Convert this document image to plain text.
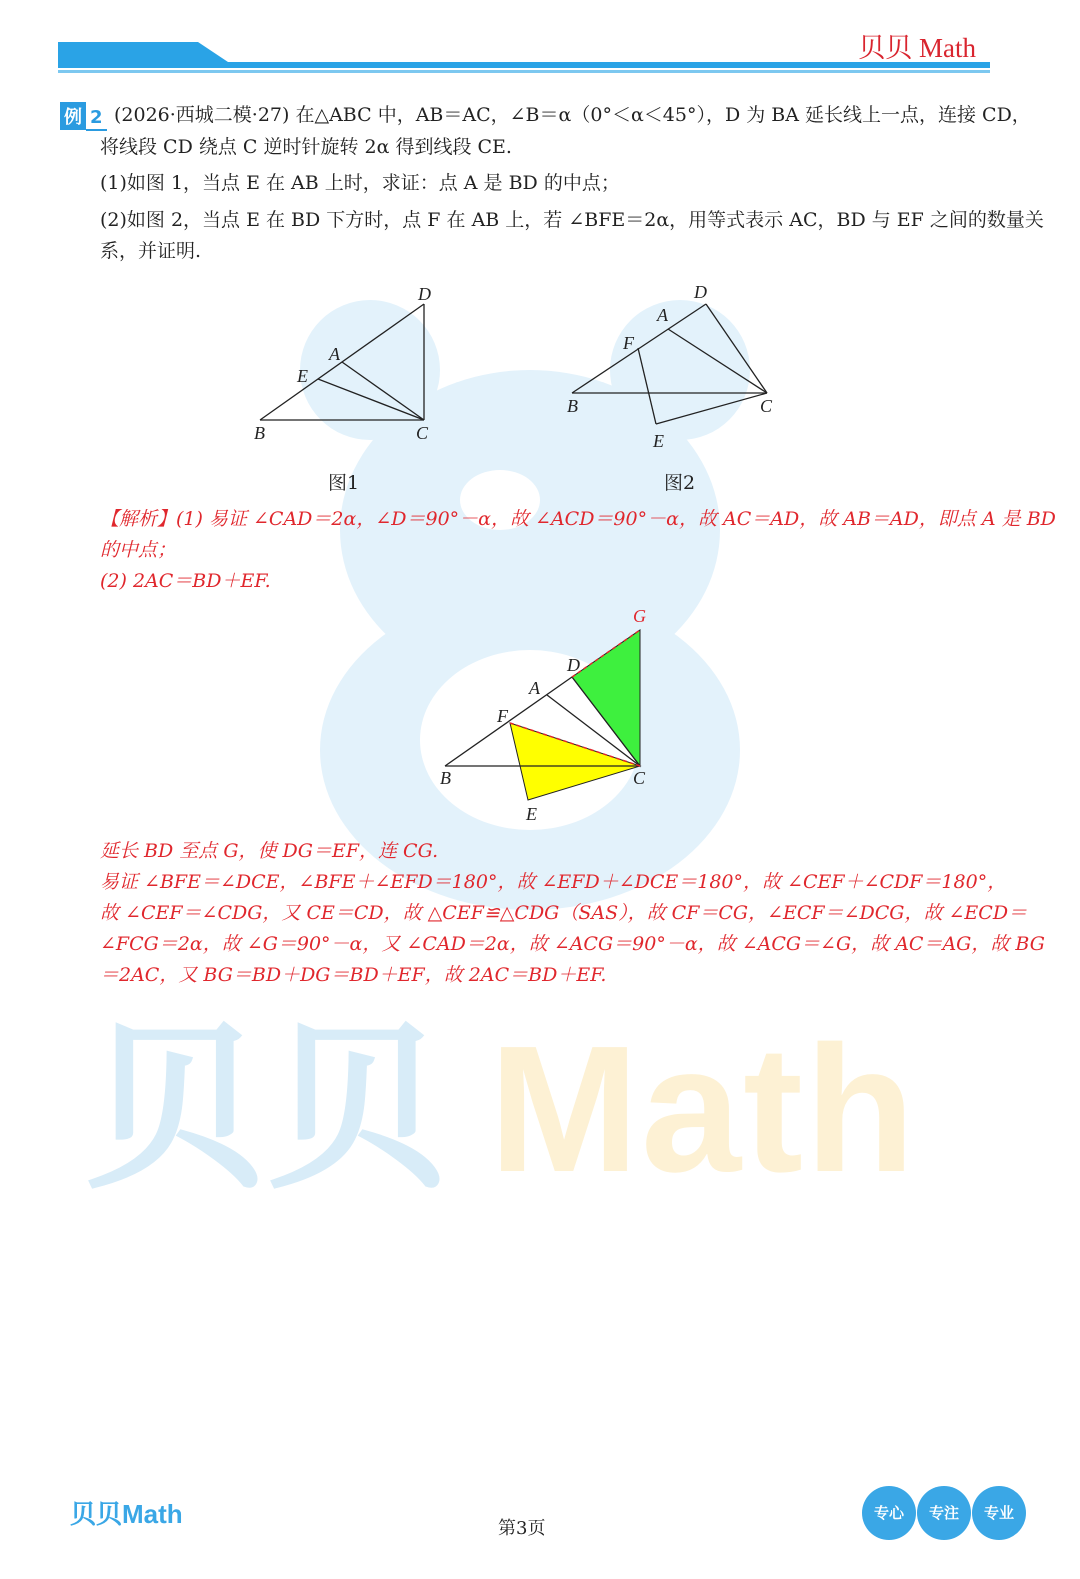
贝贝 Math
贝贝 Math
例 2 (2026·西城二模·27) 在△ABC 中，AB＝AC，∠B＝α（0°＜α＜45°），D 为 BA 延长线上一点，连接 CD，
将线段 CD 绕点 C 逆时针旋转 2α 得到线段 CE.
(1)如图 1，当点 E 在 AB 上时，求证：点 A 是 BD 的中点；
(2)如图 2，当点 E 在 BD 下方时，点 F 在 AB 上，若 ∠BFE＝2α，用等式表示 AC，BD 与 EF 之间的数量关
系，并证明.
D
A
E
B	C
图1
D
A
F
B	C
E
图2
【解析】(1) 易证 ∠CAD＝2α，∠D＝90°－α，故 ∠ACD＝90°－α，故 AC＝AD，故 AB＝AD，即点 A 是 BD
的中点；
(2) 2AC＝BD＋EF.
G
D
A
F
B	C
E
延长 BD 至点 G，使 DG＝EF，连 CG.
易证 ∠BFE＝∠DCE，∠BFE＋∠EFD＝180°，故 ∠EFD＋∠DCE＝180°，故 ∠CEF＋∠CDF＝180°，
故 ∠CEF＝∠CDG，又 CE＝CD，故 △CEF≌△CDG（SAS），故 CF＝CG，∠ECF＝∠DCG，故 ∠ECD＝
∠FCG＝2α，故 ∠G＝90°－α，又 ∠CAD＝2α，故 ∠ACG＝90°－α，故 ∠ACG＝∠G，故 AC＝AG，故 BG
＝2AC，又 BG＝BD＋DG＝BD＋EF，故 2AC＝BD＋EF.
贝贝Math	第3页
专心	专注	专业
